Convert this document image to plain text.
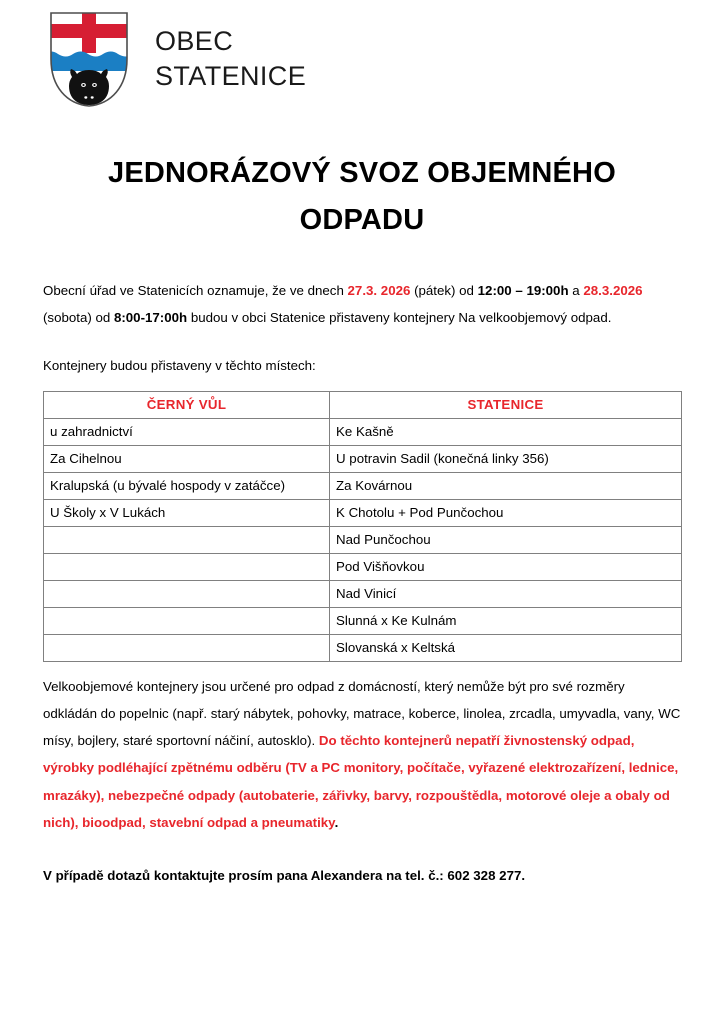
OBEC
STATENICE
JEDNORÁZOVÝ SVOZ OBJEMNÉHO ODPADU

Obecní úřad ve Statenicích oznamuje, že ve dnech 27.3. 2026 (pátek) od 12:00 – 19:00h a 28.3.2026 (sobota) od 8:00-17:00h budou v obci Statenice přistaveny kontejnery Na velkoobjemový odpad.

Kontejnery budou přistaveny v těchto místech:

ČERNÝ VŮL	STATENICE
u zahradnictví	Ke Kašně
Za Cihelnou	U potravin Sadil (konečná linky 356)
Kralupská (u bývalé hospody v zatáčce)	Za Kovárnou
U Školy x V Lukách	K Chotolu + Pod Punčochou
	Nad Punčochou
	Pod Višňovkou
	Nad Vinicí
	Slunná x Ke Kulnám
	Slovanská x Keltská

Velkoobjemové kontejnery jsou určené pro odpad z domácností, který nemůže být pro své rozměry odkládán do popelnic (např. starý nábytek, pohovky, matrace, koberce, linolea, zrcadla, umyvadla, vany, WC mísy, bojlery, staré sportovní náčiní, autosklo). Do těchto kontejnerů nepatří živnostenský odpad, výrobky podléhající zpětnému odběru (TV a PC monitory, počítače, vyřazené elektrozařízení, lednice, mrazáky), nebezpečné odpady (autobaterie, zářivky, barvy, rozpouštědla, motorové oleje a obaly od nich), bioodpad, stavební odpad a pneumatiky.

V případě dotazů kontaktujte prosím pana Alexandera na tel. č.: 602 328 277.
